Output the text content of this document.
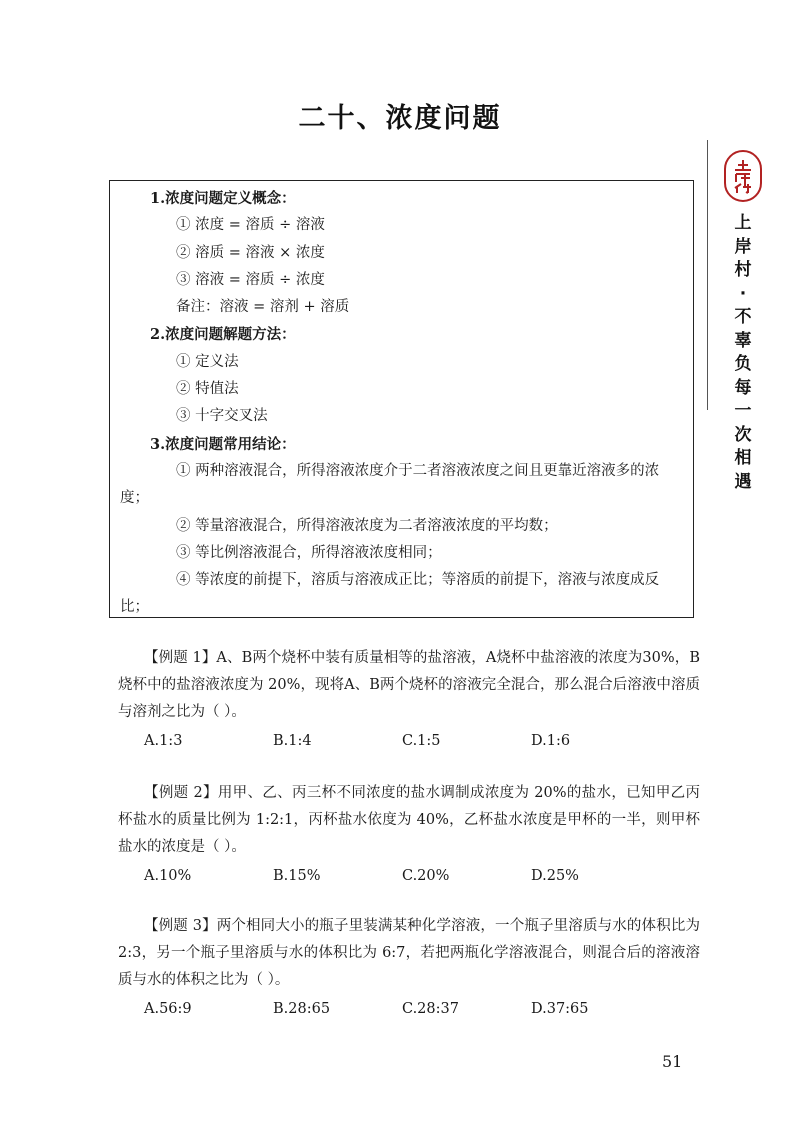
二十、浓度问题
上岸村 · 不辜负每一次相遇
1.浓度问题定义概念：
① 浓度 = 溶质 ÷ 溶液
② 溶质 = 溶液 × 浓度
③ 溶液 = 溶质 ÷ 浓度
备注：溶液 = 溶剂 + 溶质
2.浓度问题解题方法：
① 定义法
② 特值法
③ 十字交叉法
3.浓度问题常用结论：
① 两种溶液混合，所得溶液浓度介于二者溶液浓度之间且更靠近溶液多的浓度；
② 等量溶液混合，所得溶液浓度为二者溶液浓度的平均数；
③ 等比例溶液混合，所得溶液浓度相同；
④ 等浓度的前提下，溶质与溶液成正比；等溶质的前提下，溶液与浓度成反比；

【例题 1】A、B两个烧杯中装有质量相等的盐溶液，A烧杯中盐溶液的浓度为30%，B烧杯中的盐溶液浓度为 20%，现将A、B两个烧杯的溶液完全混合，那么混合后溶液中溶质与溶剂之比为（ ）。

A.1:3	B.1:4	C.1:5	D.1:6

【例题 2】用甲、乙、丙三杯不同浓度的盐水调制成浓度为 20%的盐水，已知甲乙丙杯盐水的质量比例为 1:2:1，丙杯盐水依度为 40%，乙杯盐水浓度是甲杯的一半，则甲杯盐水的浓度是（ ）。

A.10%	B.15%	C.20%	D.25%

【例题 3】两个相同大小的瓶子里装满某种化学溶液，一个瓶子里溶质与水的体积比为 2:3，另一个瓶子里溶质与水的体积比为 6:7，若把两瓶化学溶液混合，则混合后的溶液溶质与水的体积之比为（ ）。

A.56:9	B.28:65	C.28:37	D.37:65
51
